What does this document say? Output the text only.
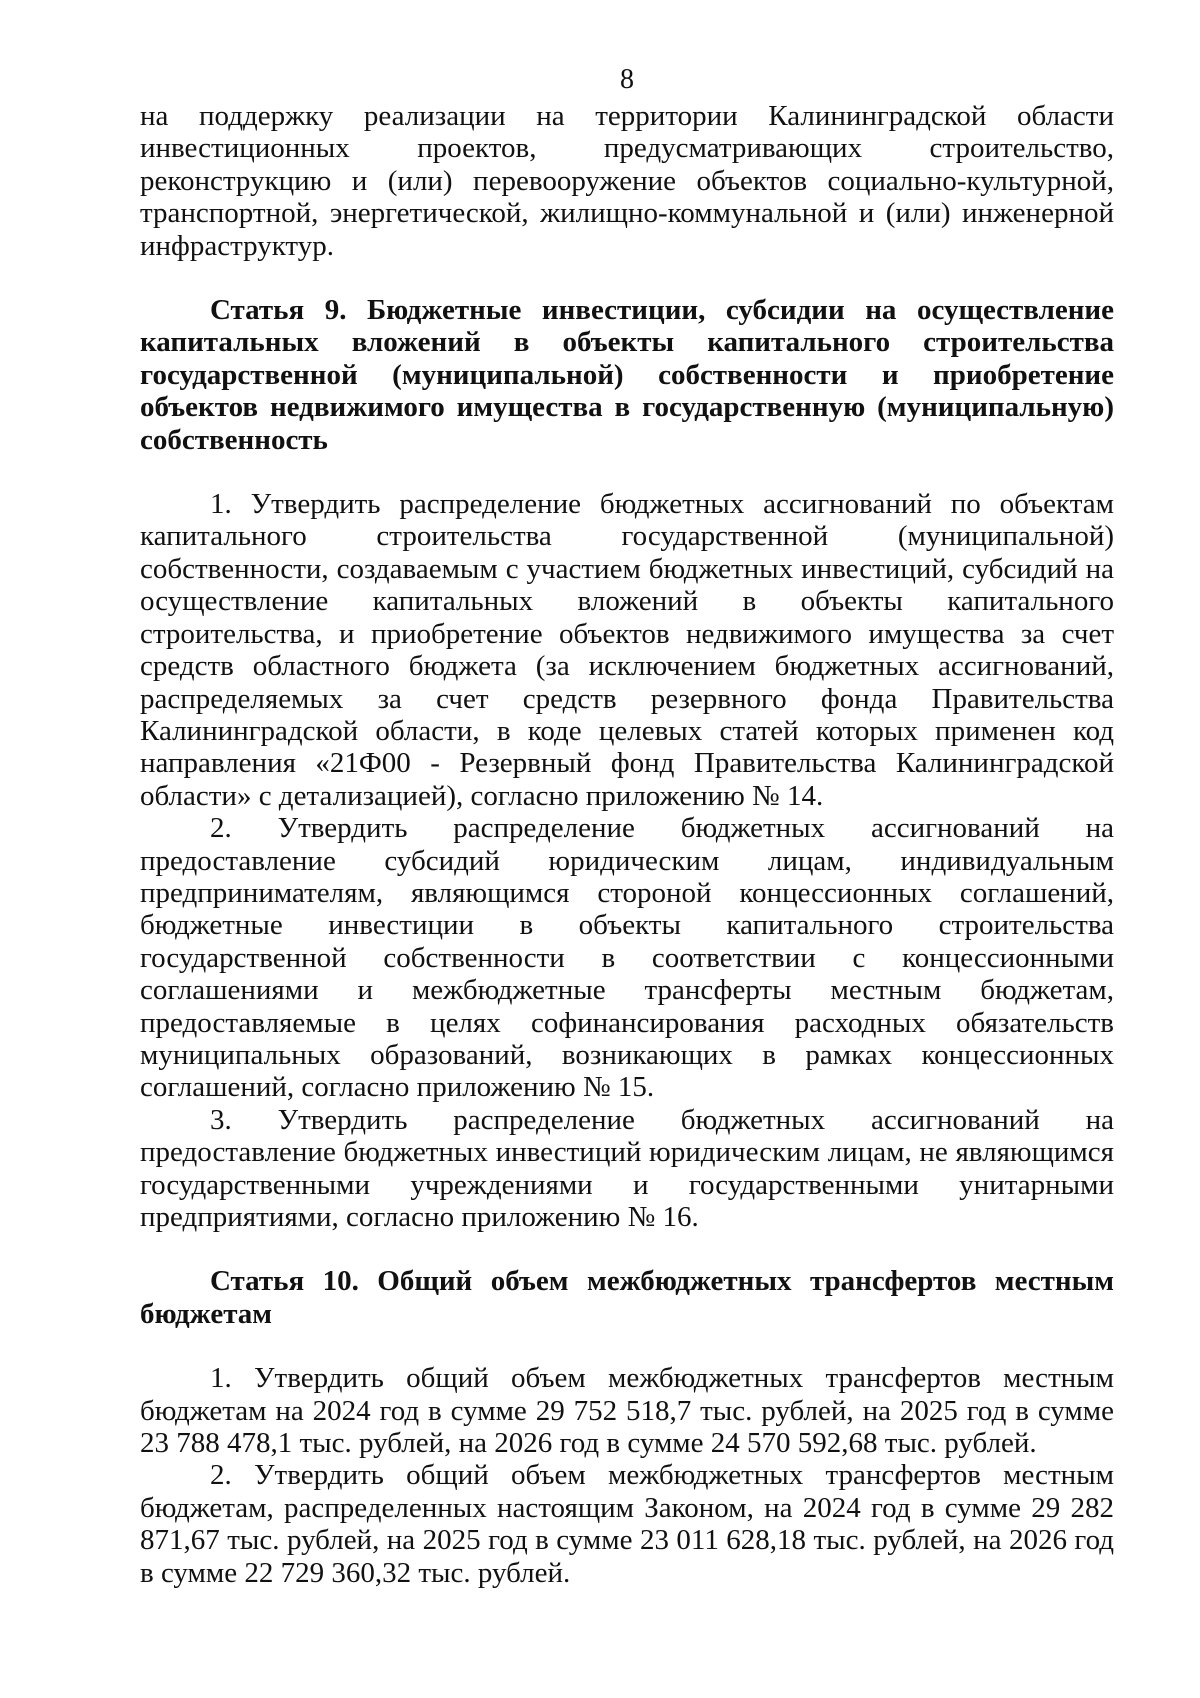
8

на поддержку реализации на территории Калининградской области инвестиционных проектов, предусматривающих строительство, реконструкцию и (или) перевооружение объектов социально-культурной, транспортной, энергетической, жилищно-коммунальной и (или) инженерной инфраструктур.

Статья 9. Бюджетные инвестиции, субсидии на осуществление капитальных вложений в объекты капитального строительства государственной (муниципальной) собственности и приобретение объектов недвижимого имущества в государственную (муниципальную) собственность

1. Утвердить распределение бюджетных ассигнований по объектам капитального строительства государственной (муниципальной) собственности, создаваемым с участием бюджетных инвестиций, субсидий на осуществление капитальных вложений в объекты капитального строительства, и приобретение объектов недвижимого имущества за счет средств областного бюджета (за исключением бюджетных ассигнований, распределяемых за счет средств резервного фонда Правительства Калининградской области, в коде целевых статей которых применен код направления «21Ф00 - Резервный фонд Правительства Калининградской области» с детализацией), согласно приложению № 14.

2. Утвердить распределение бюджетных ассигнований на предоставление субсидий юридическим лицам, индивидуальным предпринимателям, являющимся стороной концессионных соглашений, бюджетные инвестиции в объекты капитального строительства государственной собственности в соответствии с концессионными соглашениями и межбюджетные трансферты местным бюджетам, предоставляемые в целях софинансирования расходных обязательств муниципальных образований, возникающих в рамках концессионных соглашений, согласно приложению № 15.

3. Утвердить распределение бюджетных ассигнований на предоставление бюджетных инвестиций юридическим лицам, не являющимся государственными учреждениями и государственными унитарными предприятиями, согласно приложению № 16.

Статья 10. Общий объем межбюджетных трансфертов местным бюджетам

1. Утвердить общий объем межбюджетных трансфертов местным бюджетам на 2024 год в сумме 29 752 518,7 тыс. рублей, на 2025 год в сумме 23 788 478,1 тыс. рублей, на 2026 год в сумме 24 570 592,68 тыс. рублей.

2. Утвердить общий объем межбюджетных трансфертов местным бюджетам, распределенных настоящим Законом, на 2024 год в сумме 29 282 871,67 тыс. рублей, на 2025 год в сумме 23 011 628,18 тыс. рублей, на 2026 год в сумме 22 729 360,32 тыс. рублей.
